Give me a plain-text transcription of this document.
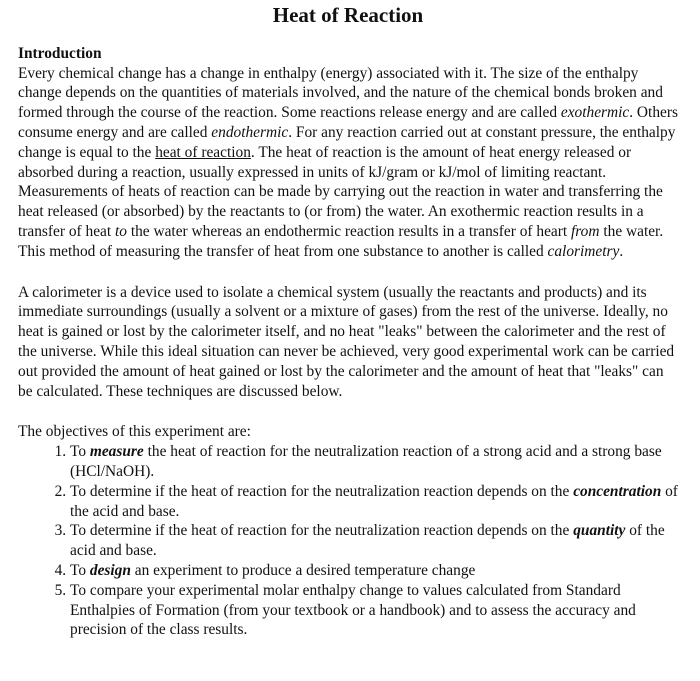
Heat of Reaction
Introduction

Every chemical change has a change in enthalpy (energy) associated with it. The size of the enthalpy change depends on the quantities of materials involved, and the nature of the chemical bonds broken and formed through the course of the reaction. Some reactions release energy and are called exothermic. Others consume energy and are called endothermic. For any reaction carried out at constant pressure, the enthalpy change is equal to the heat of reaction. The heat of reaction is the amount of heat energy released or absorbed during a reaction, usually expressed in units of kJ/gram or kJ/mol of limiting reactant. Measurements of heats of reaction can be made by carrying out the reaction in water and transferring the heat released (or absorbed) by the reactants to (or from) the water. An exothermic reaction results in a transfer of heat to the water whereas an endothermic reaction results in a transfer of heart from the water. This method of measuring the transfer of heat from one substance to another is called calorimetry.

A calorimeter is a device used to isolate a chemical system (usually the reactants and products) and its immediate surroundings (usually a solvent or a mixture of gases) from the rest of the universe. Ideally, no heat is gained or lost by the calorimeter itself, and no heat "leaks" between the calorimeter and the rest of the universe. While this ideal situation can never be achieved, very good experimental work can be carried out provided the amount of heat gained or lost by the calorimeter and the amount of heat that "leaks" can be calculated. These techniques are discussed below.

The objectives of this experiment are:

1. To measure the heat of reaction for the neutralization reaction of a strong acid and a strong base (HCl/NaOH).
2. To determine if the heat of reaction for the neutralization reaction depends on the concentration of the acid and base.
3. To determine if the heat of reaction for the neutralization reaction depends on the quantity of the acid and base.
4. To design an experiment to produce a desired temperature change
5. To compare your experimental molar enthalpy change to values calculated from Standard Enthalpies of Formation (from your textbook or a handbook) and to assess the accuracy and precision of the class results.
